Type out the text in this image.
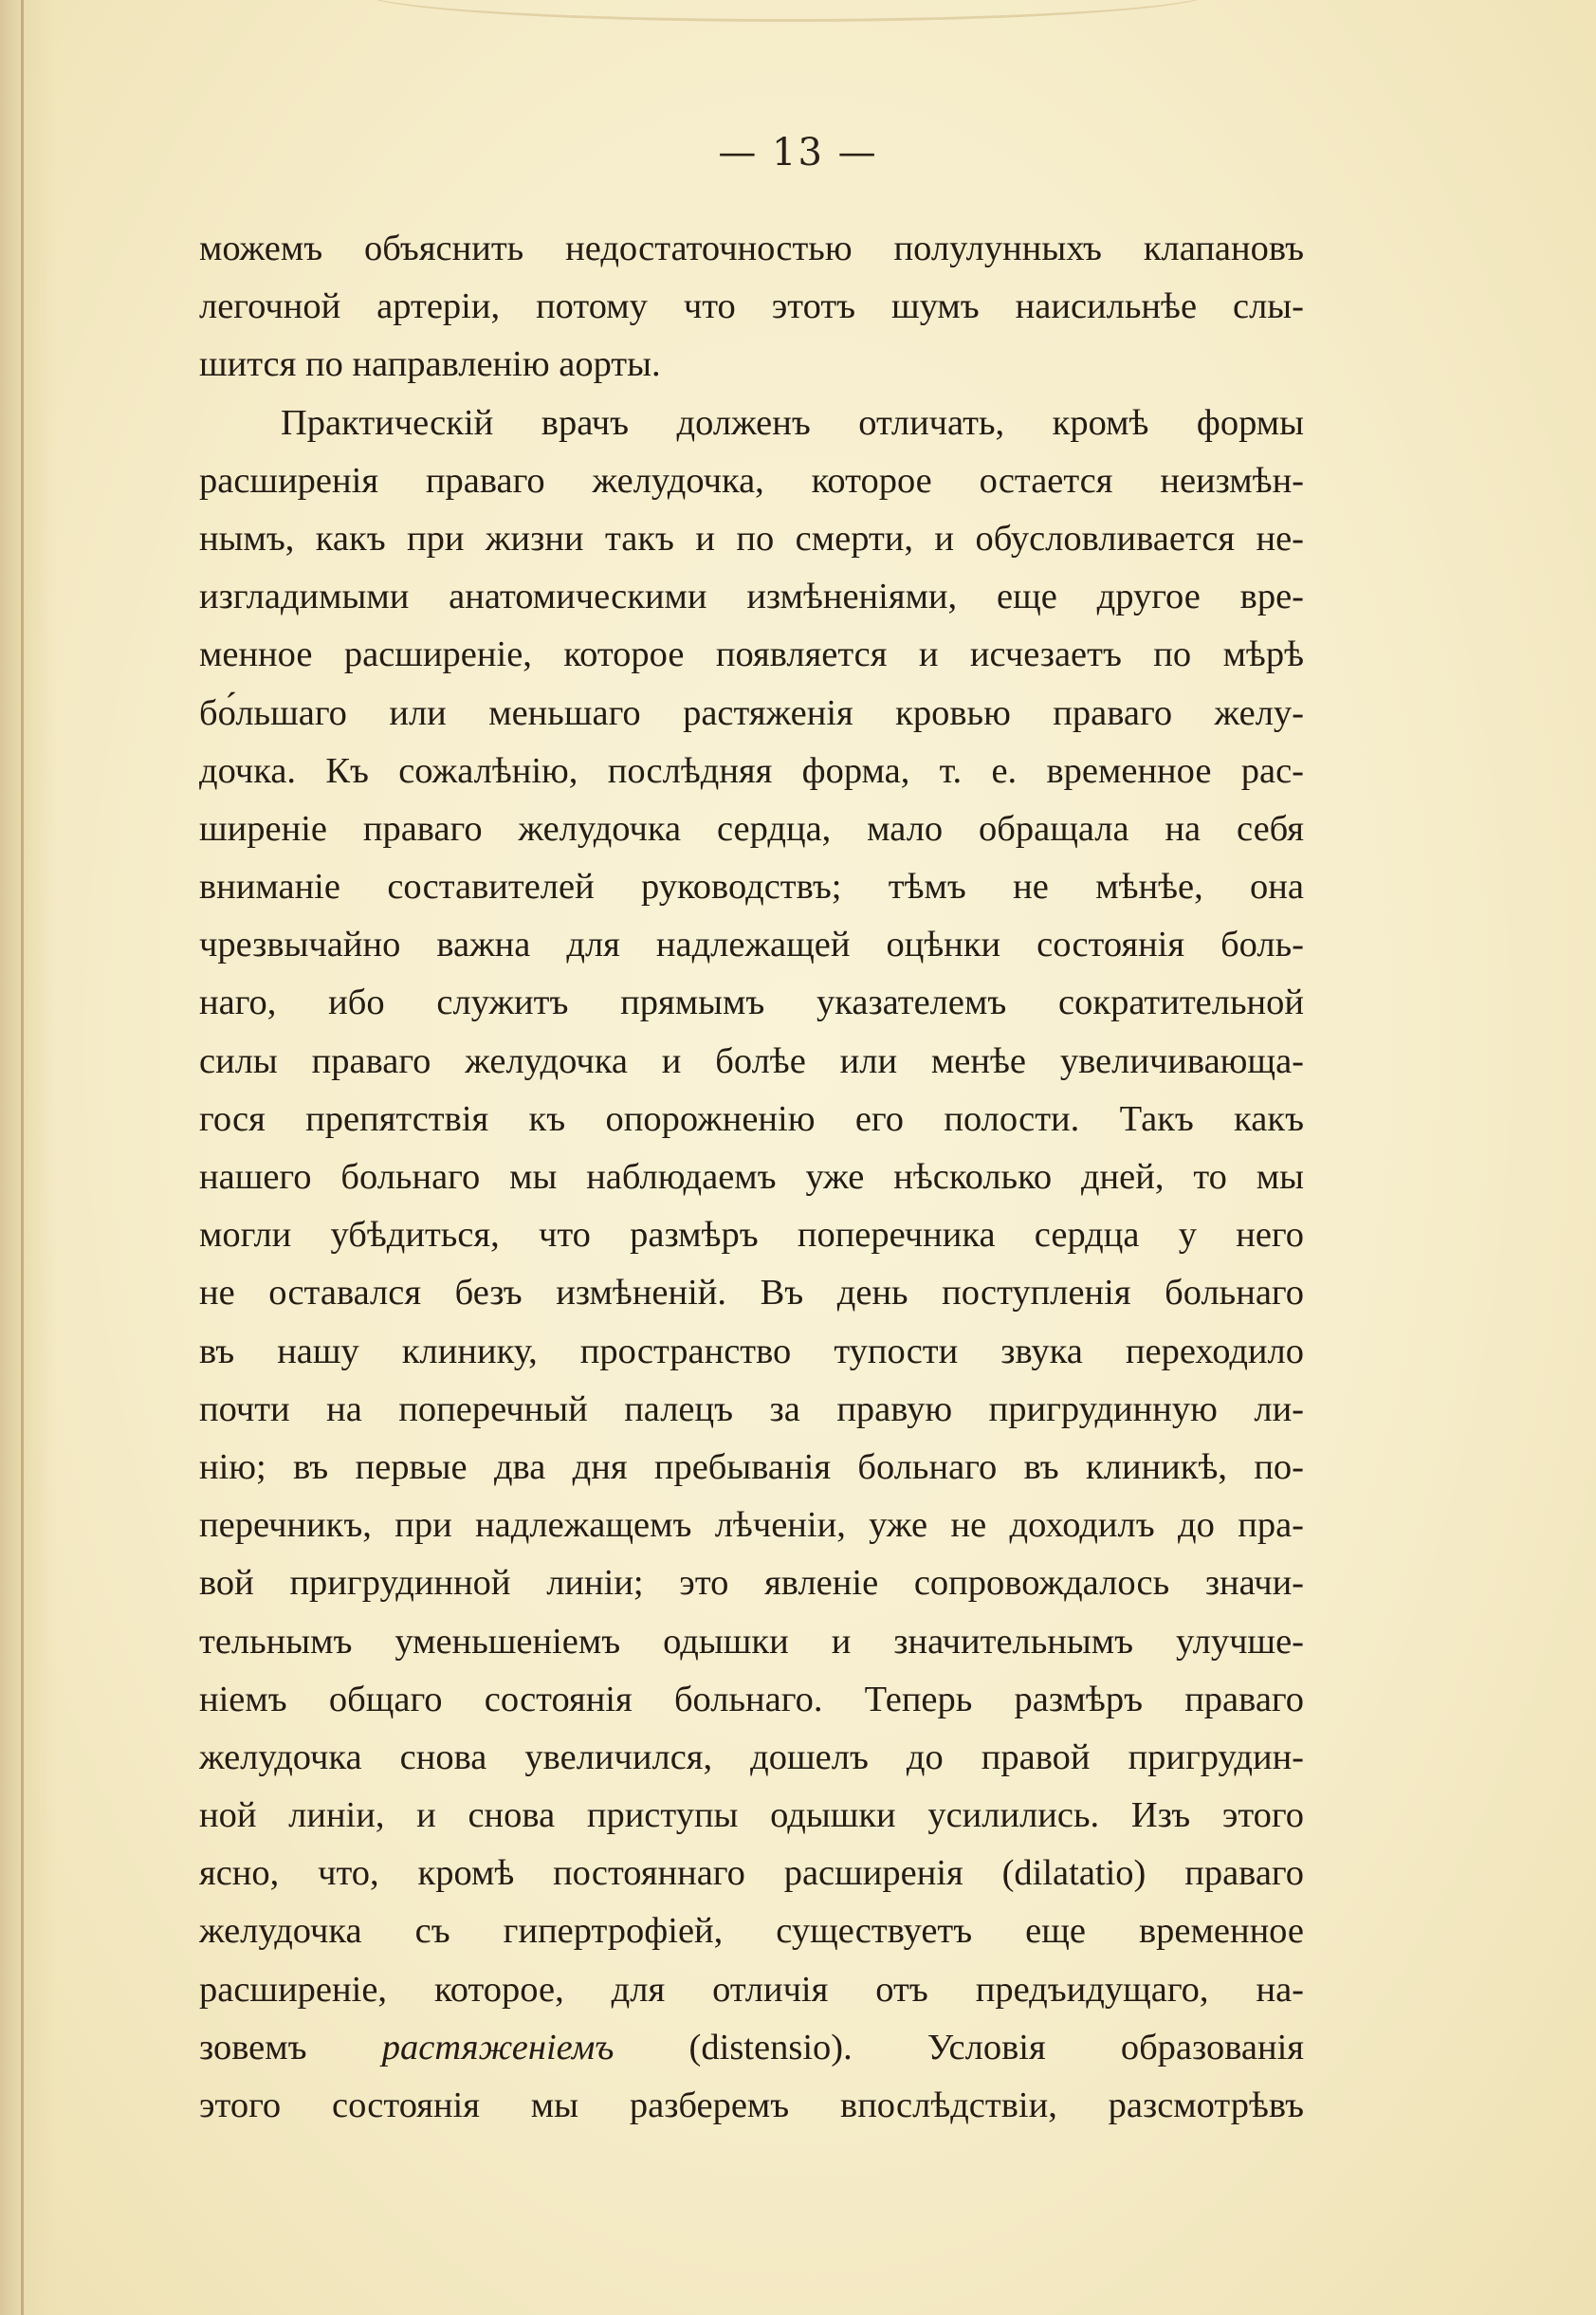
— 13 —
можемъ объяснить недостаточностью полулунныхъ клапановъ
легочной артеріи, потому что этотъ шумъ наисильнѣе слы-
шится по направленію аорты.
Практическій врачъ долженъ отличать, кромѣ формы
расширенія праваго желудочка, которое остается неизмѣн-
нымъ, какъ при жизни такъ и по смерти, и обусловливается не-
изгладимыми анатомическими измѣненіями, еще другое вре-
менное расширеніе, которое появляется и исчезаетъ по мѣрѣ
бо́льшаго или меньшаго растяженія кровью праваго желу-
дочка. Къ сожалѣнію, послѣдняя форма, т. е. временное рас-
ширеніе праваго желудочка сердца, мало обращала на себя
вниманіе составителей руководствъ; тѣмъ не мѣнѣе, она
чрезвычайно важна для надлежащей оцѣнки состоянія боль-
наго, ибо служитъ прямымъ указателемъ сократительной
силы праваго желудочка и болѣе или менѣе увеличивающа-
гося препятствія къ опорожненію его полости. Такъ какъ
нашего больнаго мы наблюдаемъ уже нѣсколько дней, то мы
могли убѣдиться, что размѣръ поперечника сердца у него
не оставался безъ измѣненій. Въ день поступленія больнаго
въ нашу клинику, пространство тупости звука переходило
почти на поперечный палецъ за правую пригрудинную ли-
нію; въ первые два дня пребыванія больнаго въ клиникѣ, по-
перечникъ, при надлежащемъ лѣченіи, уже не доходилъ до пра-
вой пригрудинной линіи; это явленіе сопровождалось значи-
тельнымъ уменьшеніемъ одышки и значительнымъ улучше-
ніемъ общаго состоянія больнаго. Теперь размѣръ праваго
желудочка снова увеличился, дошелъ до правой пригрудин-
ной линіи, и снова приступы одышки усилились. Изъ этого
ясно, что, кромѣ постояннаго расширенія (dilatatio) праваго
желудочка съ гипертрофіей, существуетъ еще временное
расширеніе, которое, для отличія отъ предъидущаго, на-
зовемъ растяженіемъ (distensio). Условія образованія
этого состоянія мы разберемъ впослѣдствіи, разсмотрѣвъ
